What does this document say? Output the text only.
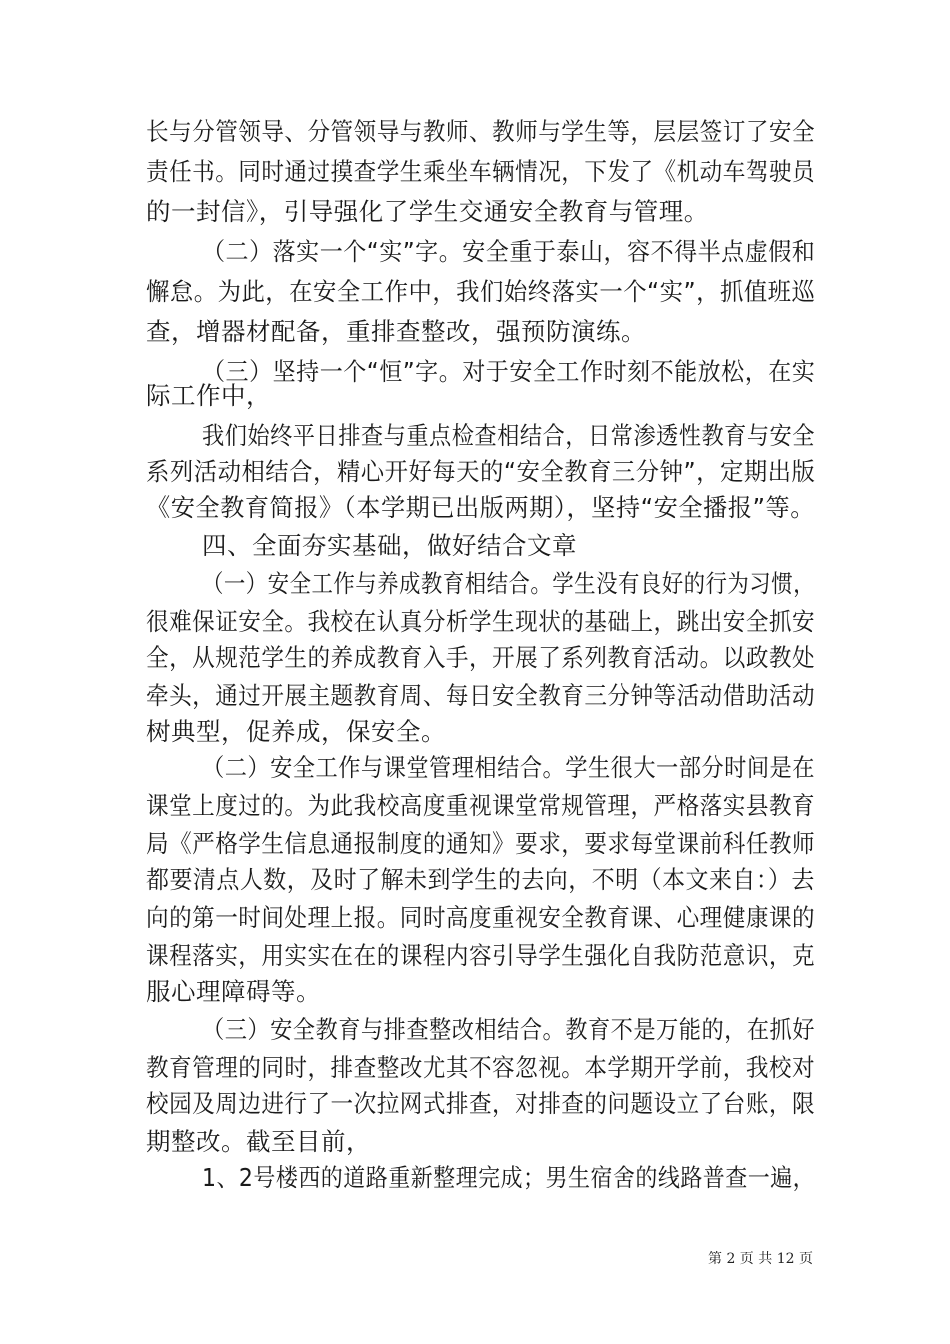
长与分管领导、分管领导与教师、教师与学生等，层层签订了安全

责任书。同时通过摸查学生乘坐车辆情况，下发了《机动车驾驶员

的一封信》，引导强化了学生交通安全教育与管理。

（二）落实一个“实”字。安全重于泰山，容不得半点虚假和

懈怠。为此，在安全工作中，我们始终落实一个“实”，抓值班巡

查，增器材配备，重排查整改，强预防演练。

（三）坚持一个“恒”字。对于安全工作时刻不能放松，在实

际工作中，

我们始终平日排查与重点检查相结合，日常渗透性教育与安全

系列活动相结合，精心开好每天的“安全教育三分钟”，定期出版

《安全教育简报》（本学期已出版两期），坚持“安全播报”等。

四、全面夯实基础，做好结合文章

（一）安全工作与养成教育相结合。学生没有良好的行为习惯，

很难保证安全。我校在认真分析学生现状的基础上，跳出安全抓安

全，从规范学生的养成教育入手，开展了系列教育活动。以政教处

牵头，通过开展主题教育周、每日安全教育三分钟等活动借助活动

树典型，促养成，保安全。

（二）安全工作与课堂管理相结合。学生很大一部分时间是在

课堂上度过的。为此我校高度重视课堂常规管理，严格落实县教育

局《严格学生信息通报制度的通知》要求，要求每堂课前科任教师

都要清点人数，及时了解未到学生的去向，不明（本文来自：）去

向的第一时间处理上报。同时高度重视安全教育课、心理健康课的

课程落实，用实实在在的课程内容引导学生强化自我防范意识，克

服心理障碍等。

（三）安全教育与排查整改相结合。教育不是万能的，在抓好

教育管理的同时，排查整改尤其不容忽视。本学期开学前，我校对

校园及周边进行了一次拉网式排查，对排查的问题设立了台账，限

期整改。截至目前，

1、2号楼西的道路重新整理完成；男生宿舍的线路普查一遍，

第 2 页 共 12 页
